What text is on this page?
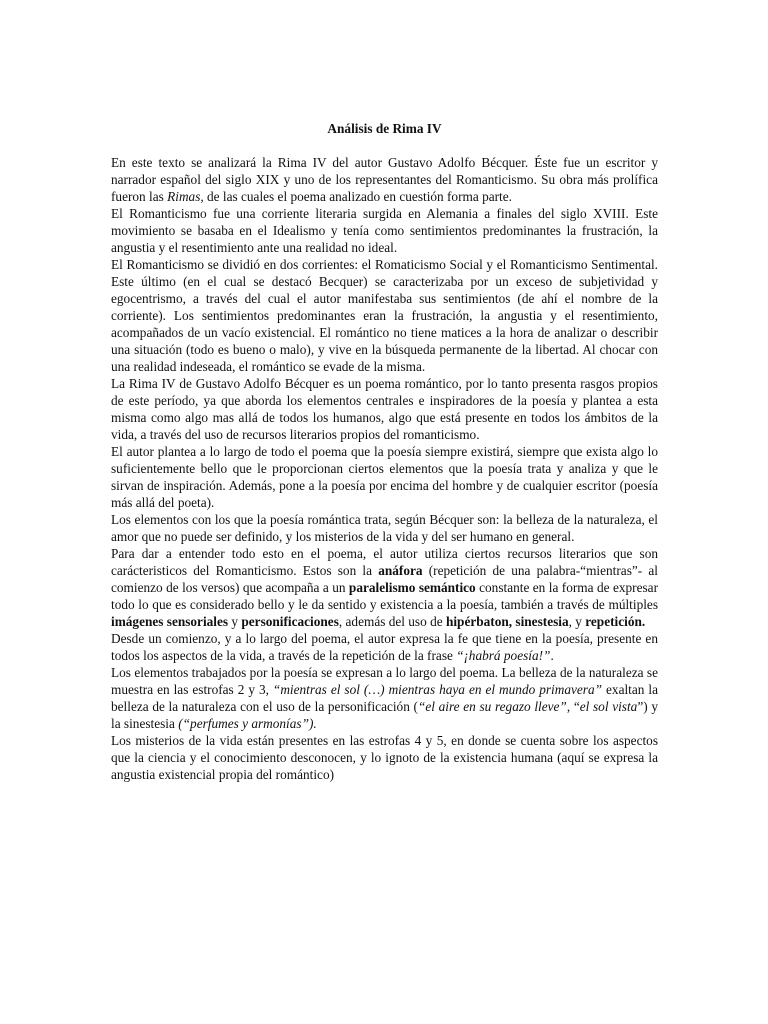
Análisis de Rima IV

En este texto se analizará la Rima IV del autor Gustavo Adolfo Bécquer. Éste fue un escritor y narrador español del siglo XIX y uno de los representantes del Romanticismo. Su obra más prolífica fueron las Rimas, de las cuales el poema analizado en cuestión forma parte.

El Romanticismo fue una corriente literaria surgida en Alemania a finales del siglo XVIII. Este movimiento se basaba en el Idealismo y tenía como sentimientos predominantes la frustración, la angustia y el resentimiento ante una realidad no ideal.

El Romanticismo se dividió en dos corrientes: el Romaticismo Social y el Romanticismo Sentimental. Este último (en el cual se destacó Becquer) se caracterizaba por un exceso de subjetividad y egocentrismo, a través del cual el autor manifestaba sus sentimientos (de ahí el nombre de la corriente). Los sentimientos predominantes eran la frustración, la angustia y el resentimiento, acompañados de un vacío existencial. El romántico no tiene matices a la hora de analizar o describir una situación (todo es bueno o malo), y vive en la búsqueda permanente de la libertad. Al chocar con una realidad indeseada, el romántico se evade de la misma.

La Rima IV de Gustavo Adolfo Bécquer es un poema romántico, por lo tanto presenta rasgos propios de este período, ya que aborda los elementos centrales e inspiradores de la poesía y plantea a esta misma como algo mas allá de todos los humanos, algo que está presente en todos los ámbitos de la vida, a través del uso de recursos literarios propios del romanticismo.

El autor plantea a lo largo de todo el poema que la poesía siempre existirá, siempre que exista algo lo suficientemente bello que le proporcionan ciertos elementos que la poesía trata y analiza y que le sirvan de inspiración. Además, pone a la poesía por encima del hombre y de cualquier escritor (poesía más allá del poeta).

Los elementos con los que la poesía romántica trata, según Bécquer son: la belleza de la naturaleza, el amor que no puede ser definido, y los misterios de la vida y del ser humano en general.

Para dar a entender todo esto en el poema, el autor utiliza ciertos recursos literarios que son carácteristicos del Romanticismo. Estos son la anáfora (repetición de una palabra-“mientras”- al comienzo de los versos) que acompaña a un paralelismo semántico constante en la forma de expresar todo lo que es considerado bello y le da sentido y existencia a la poesía, también a través de múltiples imágenes sensoriales y personificaciones, además del uso de hipérbaton, sinestesia, y repetición.

Desde un comienzo, y a lo largo del poema, el autor expresa la fe que tiene en la poesía, presente en todos los aspectos de la vida, a través de la repetición de la frase “¡habrá poesía!”.

Los elementos trabajados por la poesía se expresan a lo largo del poema. La belleza de la naturaleza se muestra en las estrofas 2 y 3, “mientras el sol (…) mientras haya en el mundo primavera” exaltan la belleza de la naturaleza con el uso de la personificación (“el aire en su regazo lleve”, “el sol vista”) y la sinestesia (“perfumes y armonías”).

Los misterios de la vida están presentes en las estrofas 4 y 5, en donde se cuenta sobre los aspectos que la ciencia y el conocimiento desconocen, y lo ignoto de la existencia humana (aquí se expresa la angustia existencial propia del romántico)
